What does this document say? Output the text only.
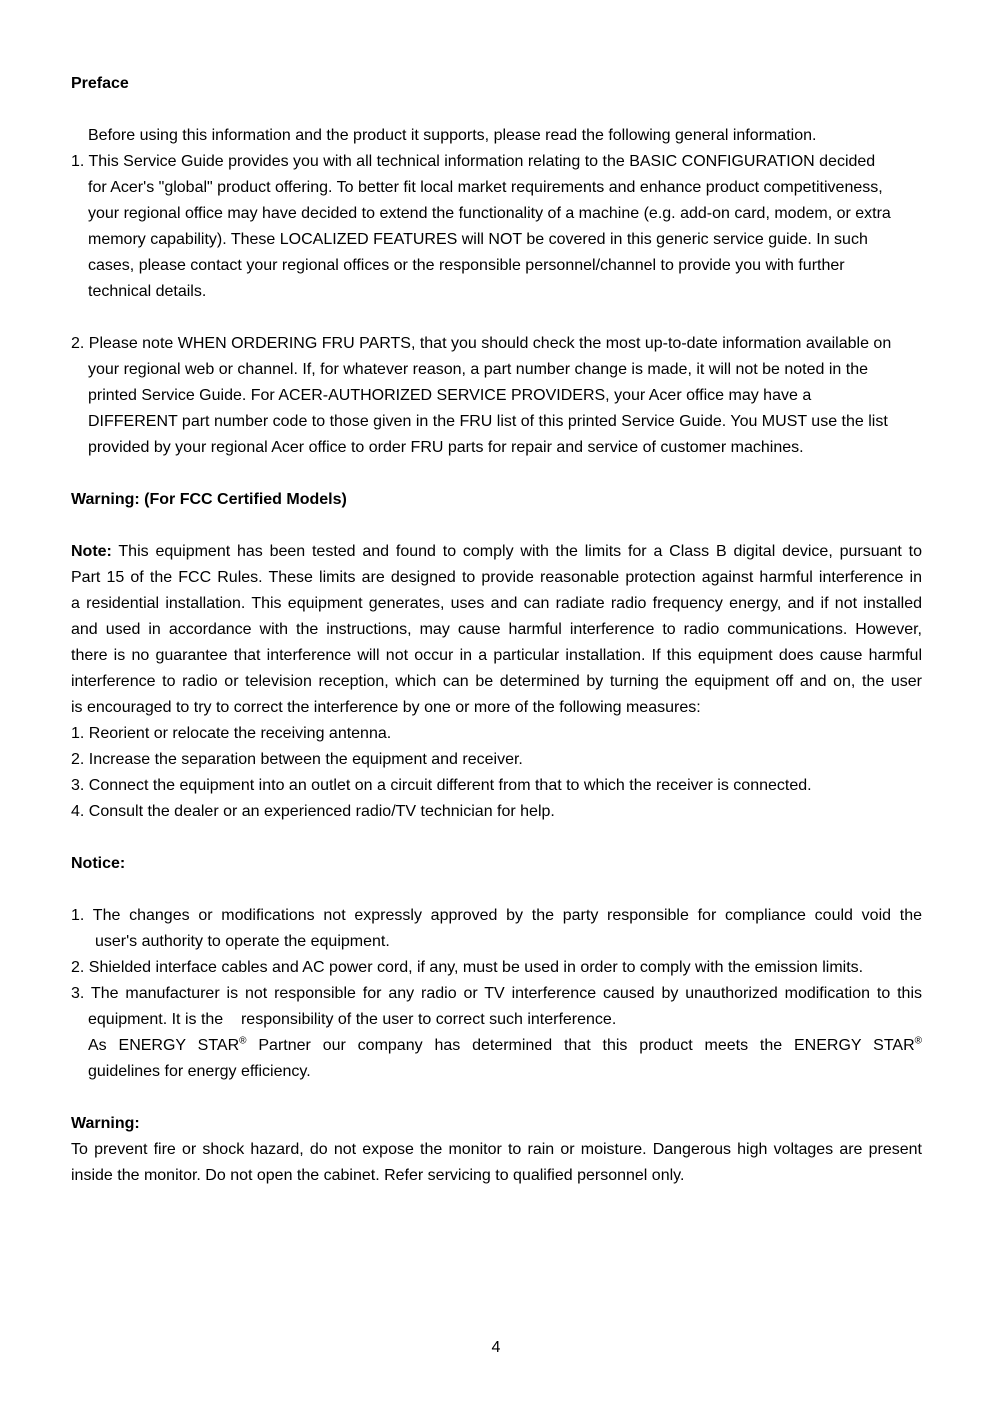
Preface
Before using this information and the product it supports, please read the following general information.
1. This Service Guide provides you with all technical information relating to the BASIC CONFIGURATION decided
for Acer's "global" product offering. To better fit local market requirements and enhance product competitiveness,
your regional office may have decided to extend the functionality of a machine (e.g. add-on card, modem, or extra
memory capability). These LOCALIZED FEATURES will NOT be covered in this generic service guide. In such
cases, please contact your regional offices or the responsible personnel/channel to provide you with further
technical details.
2. Please note WHEN ORDERING FRU PARTS, that you should check the most up-to-date information available on
your regional web or channel. If, for whatever reason, a part number change is made, it will not be noted in the
printed Service Guide. For ACER-AUTHORIZED SERVICE PROVIDERS, your Acer office may have a
DIFFERENT part number code to those given in the FRU list of this printed Service Guide. You MUST use the list
provided by your regional Acer office to order FRU parts for repair and service of customer machines.
Warning: (For FCC Certified Models)
Note: This equipment has been tested and found to comply with the limits for a Class B digital device, pursuant to
Part 15 of the FCC Rules. These limits are designed to provide reasonable protection against harmful interference in
a residential installation. This equipment generates, uses and can radiate radio frequency energy, and if not installed
and used in accordance with the instructions, may cause harmful interference to radio communications. However,
there is no guarantee that interference will not occur in a particular installation. If this equipment does cause harmful
interference to radio or television reception, which can be determined by turning the equipment off and on, the user
is encouraged to try to correct the interference by one or more of the following measures:
1. Reorient or relocate the receiving antenna.
2. Increase the separation between the equipment and receiver.
3. Connect the equipment into an outlet on a circuit different from that to which the receiver is connected.
4. Consult the dealer or an experienced radio/TV technician for help.
Notice:
1. The changes or modifications not expressly approved by the party responsible for compliance could void the
user's authority to operate the equipment.
2. Shielded interface cables and AC power cord, if any, must be used in order to comply with the emission limits.
3. The manufacturer is not responsible for any radio or TV interference caused by unauthorized modification to this
equipment. It is the    responsibility of the user to correct such interference.
As ENERGY STAR® Partner our company has determined that this product meets the ENERGY STAR®
guidelines for energy efficiency.
Warning:
To prevent fire or shock hazard, do not expose the monitor to rain or moisture. Dangerous high voltages are present
inside the monitor. Do not open the cabinet. Refer servicing to qualified personnel only.
4
